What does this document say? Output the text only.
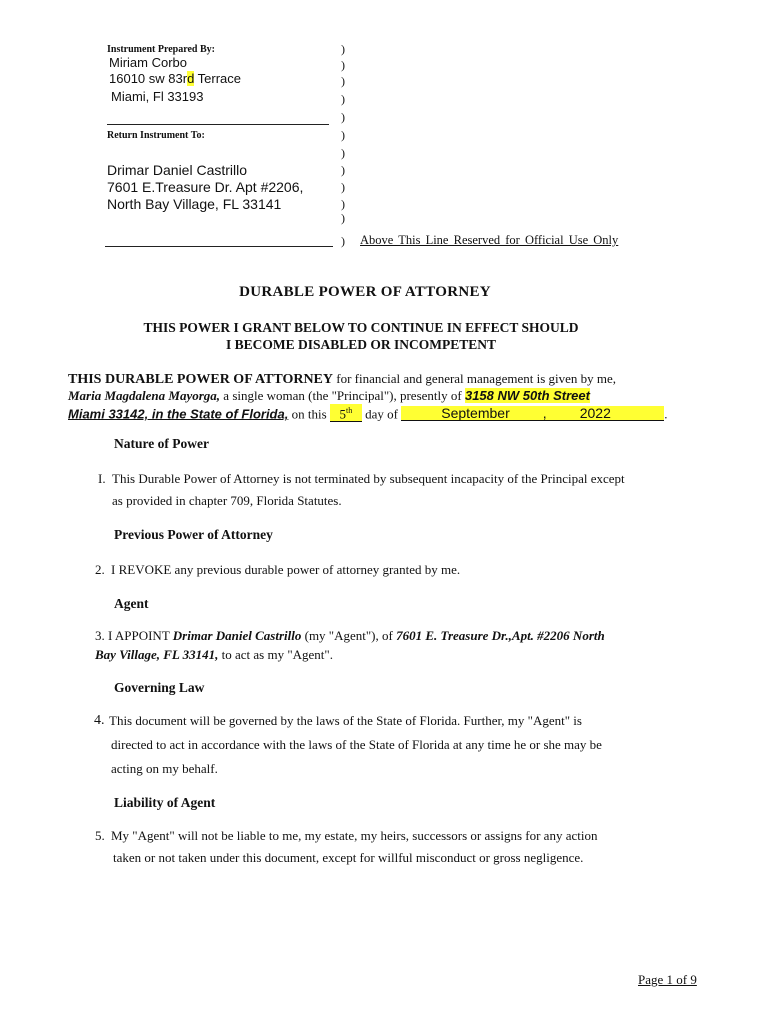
Instrument Prepared By:
Miriam Corbo
16010 sw 83rd Terrace
Miami, Fl 33193
Return Instrument To:
Drimar Daniel Castrillo
7601 E.Treasure Dr. Apt #2206,
North Bay Village, FL 33141
)
)
)
)
)
)
)
)
)
)
)
) Above This Line Reserved for Official Use Only
DURABLE POWER OF ATTORNEY
THIS POWER I GRANT BELOW TO CONTINUE IN EFFECT SHOULD
I BECOME DISABLED OR INCOMPETENT
THIS DURABLE POWER OF ATTORNEY for financial and general management is given by me,
Maria Magdalena Mayorga, a single woman (the "Principal"), presently of 3158 NW 50th Street
Miami 33142, in the State of Florida, on this 5th day of	September , 2022	.
Nature of Power
I. This Durable Power of Attorney is not terminated by subsequent incapacity of the Principal except
as provided in chapter 709, Florida Statutes.
Previous Power of Attorney
2. I REVOKE any previous durable power of attorney granted by me.
Agent
3. I APPOINT Drimar Daniel Castrillo (my "Agent"), of 7601 E. Treasure Dr.,Apt. #2206 North
Bay Village, FL 33141, to act as my "Agent".
Governing Law
4. This document will be governed by the laws of the State of Florida. Further, my "Agent" is
directed to act in accordance with the laws of the State of Florida at any time he or she may be
acting on my behalf.
Liability of Agent
5. My "Agent" will not be liable to me, my estate, my heirs, successors or assigns for any action
taken or not taken under this document, except for willful misconduct or gross negligence.
Page 1 of 9
